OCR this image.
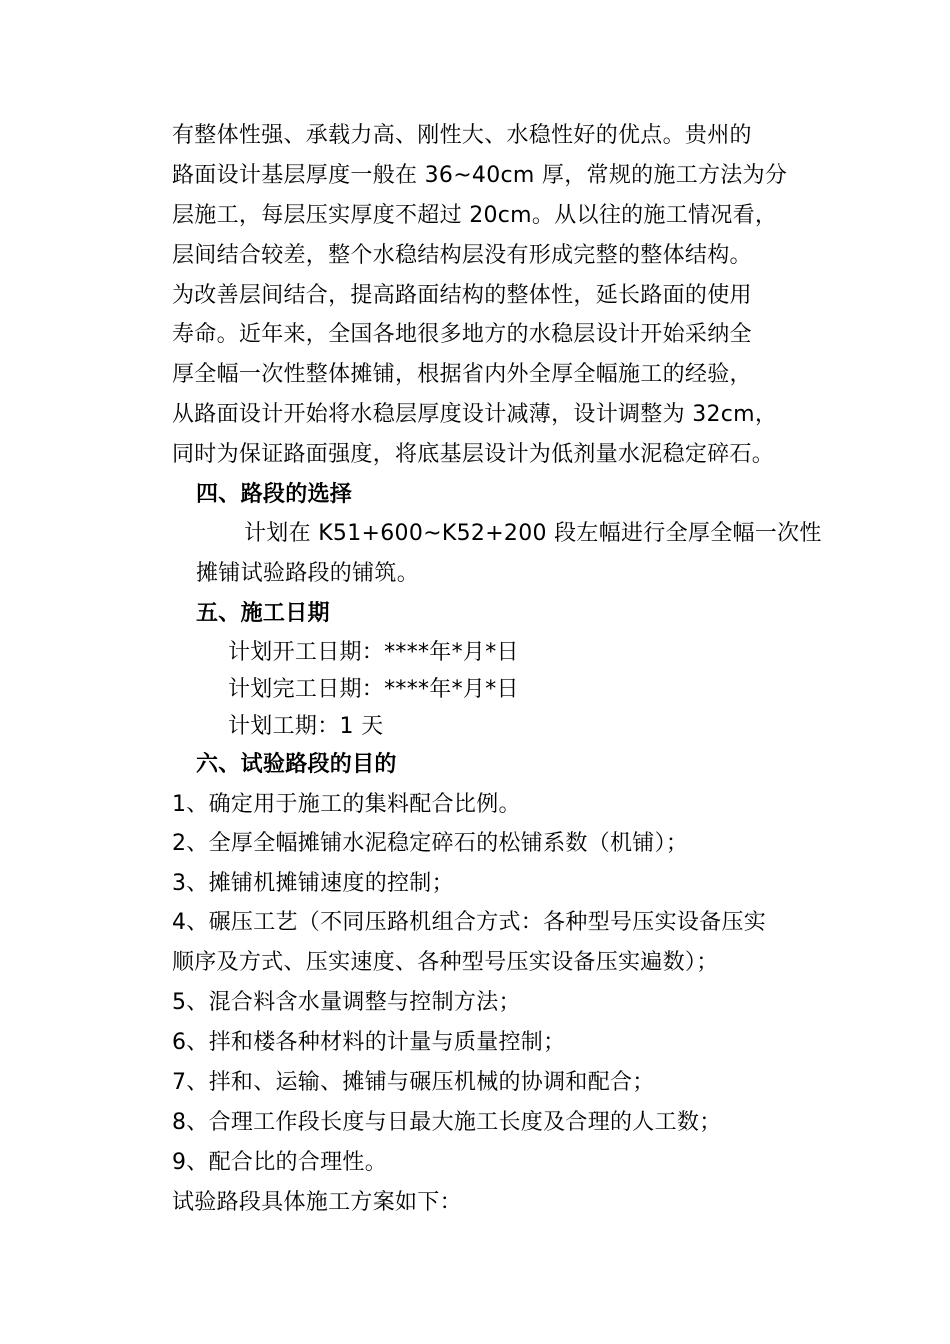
有整体性强、承载力高、刚性大、水稳性好的优点。贵州的
路面设计基层厚度一般在 36~40cm 厚，常规的施工方法为分
层施工，每层压实厚度不超过 20cm。从以往的施工情况看，
层间结合较差，整个水稳结构层没有形成完整的整体结构。
为改善层间结合，提高路面结构的整体性，延长路面的使用
寿命。近年来，全国各地很多地方的水稳层设计开始采纳全
厚全幅一次性整体摊铺，根据省内外全厚全幅施工的经验，
从路面设计开始将水稳层厚度设计减薄，设计调整为 32cm，
同时为保证路面强度，将底基层设计为低剂量水泥稳定碎石。
四、路段的选择
计划在 K51+600~K52+200 段左幅进行全厚全幅一次性
摊铺试验路段的铺筑。
五、施工日期
计划开工日期：****年*月*日
计划完工日期：****年*月*日
计划工期：1 天
六、试验路段的目的
1、确定用于施工的集料配合比例。
2、全厚全幅摊铺水泥稳定碎石的松铺系数（机铺）；
3、摊铺机摊铺速度的控制；
4、碾压工艺（不同压路机组合方式：各种型号压实设备压实
顺序及方式、压实速度、各种型号压实设备压实遍数）；
5、混合料含水量调整与控制方法；
6、拌和楼各种材料的计量与质量控制；
7、拌和、运输、摊铺与碾压机械的协调和配合；
8、合理工作段长度与日最大施工长度及合理的人工数；
9、配合比的合理性。
试验路段具体施工方案如下：
